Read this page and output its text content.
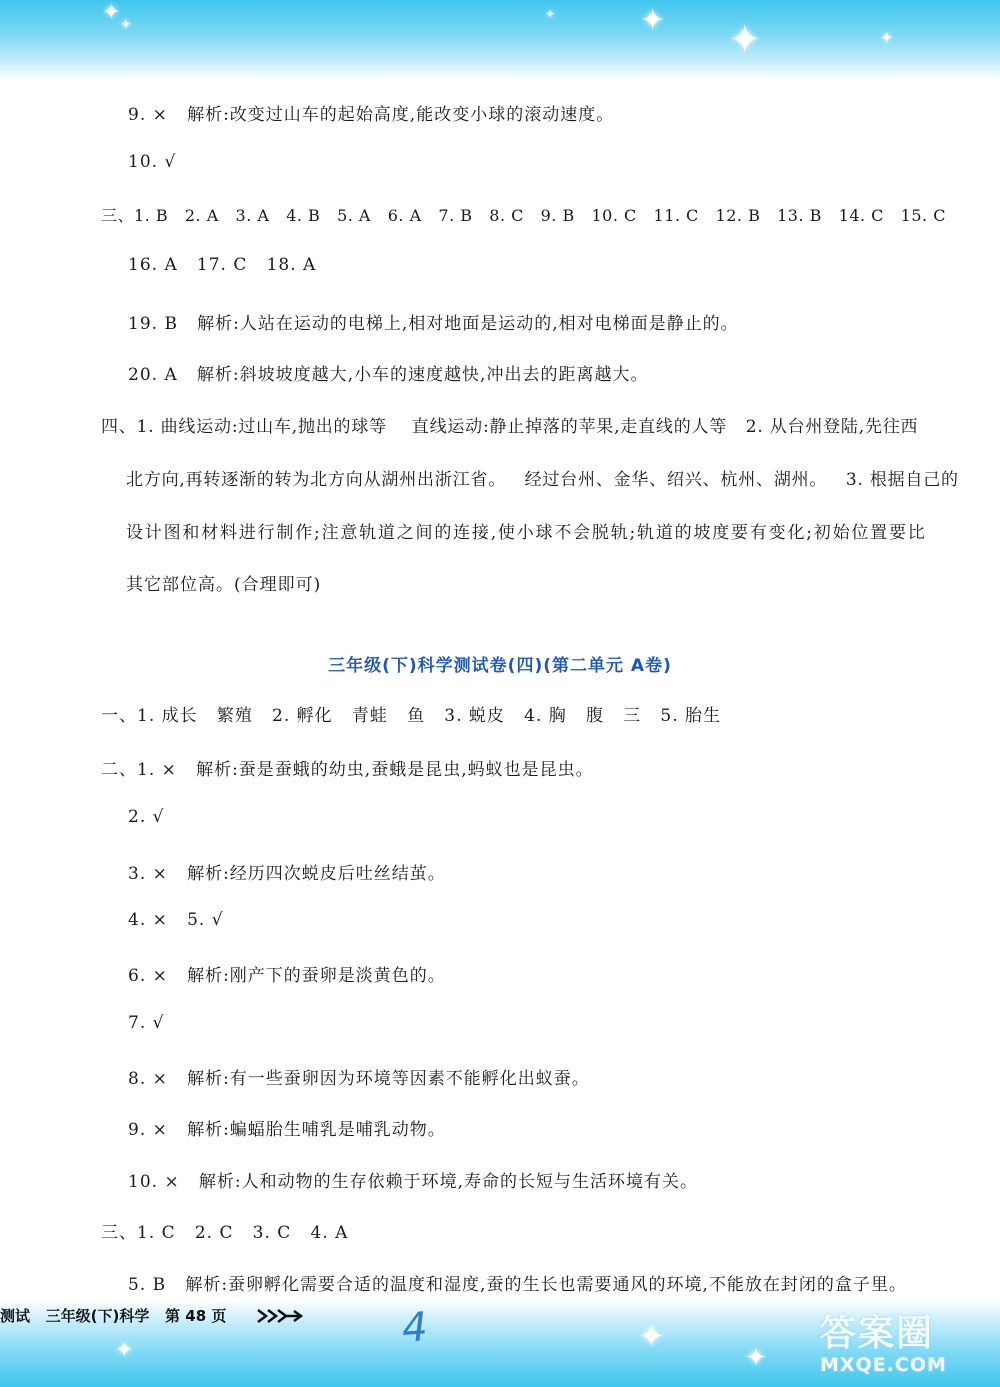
✦ ✦
✦	✦ ✦	✦
✦	✦
✦
9. ×   解析:改变过山车的起始高度,能改变小球的滚动速度。
10. √
三、1. B   2. A   3. A   4. B   5. A   6. A   7. B   8. C   9. B   10. C   11. C   12. B   13. B   14. C   15. C
16. A   17. C   18. A
19. B   解析:人站在运动的电梯上,相对地面是运动的,相对电梯面是静止的。
20. A   解析:斜坡坡度越大,小车的速度越快,冲出去的距离越大。
四、1. 曲线运动:过山车,抛出的球等    直线运动:静止掉落的苹果,走直线的人等   2. 从台州登陆,先往西
北方向,再转逐渐的转为北方向从湖州出浙江省。   经过台州、金华、绍兴、杭州、湖州。   3. 根据自己的
设计图和材料进行制作;注意轨道之间的连接,使小球不会脱轨;轨道的坡度要有变化;初始位置要比
其它部位高。(合理即可)
三年级(下)科学测试卷(四)(第二单元 A卷)
一、1. 成长   繁殖   2. 孵化   青蛙   鱼   3. 蜕皮   4. 胸   腹   三   5. 胎生
二、1. ×   解析:蚕是蚕蛾的幼虫,蚕蛾是昆虫,蚂蚁也是昆虫。
2. √
3. ×   解析:经历四次蜕皮后吐丝结茧。
4. ×   5. √
6. ×   解析:刚产下的蚕卵是淡黄色的。
7. √
8. ×   解析:有一些蚕卵因为环境等因素不能孵化出蚁蚕。
9. ×   解析:蝙蝠胎生哺乳是哺乳动物。
10. ×   解析:人和动物的生存依赖于环境,寿命的长短与生活环境有关。
三、1. C   2. C   3. C   4. A
5. B   解析:蚕卵孵化需要合适的温度和湿度,蚕的生长也需要通风的环境,不能放在封闭的盒子里。
测试   三年级(下)科学   第 48 页	4	答案圈
MXQE.COM
